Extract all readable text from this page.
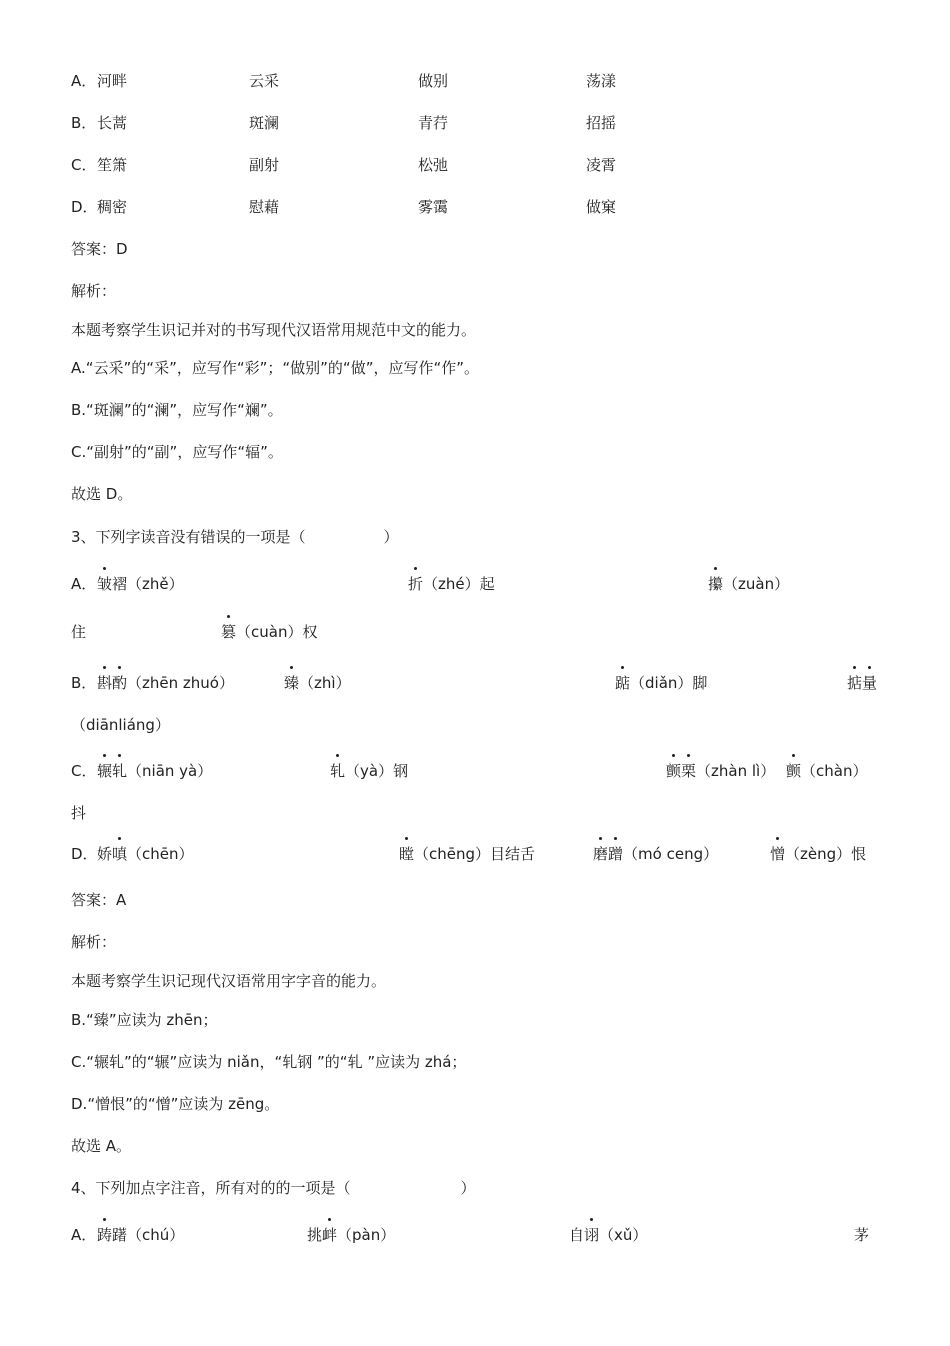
A． 河畔	云采	做别	荡漾
B． 长蒿	斑澜	青荇	招摇
C． 笙箫	副射	松弛	凌霄
D． 稠密	慰藉	雾霭	做窠
答案：D
解析：
本题考察学生识记并对的书写现代汉语常用规范中文的能力。
A.“云采”的“采”，应写作“彩”；“做别”的“做”，应写作“作”。
B.“斑澜”的“澜”，应写作“斓”。
C.“副射”的“副”，应写作“辐”。
故选 D。
3、下列字读音没有错误的一项是（	）
A． 皱褶（zhě）	折（zhé）起	攥（zuàn）
住	篡（cuàn）权
B． 斟酌（zhēn zhuó）	臻（zhì）	踮（diǎn）脚	掂量
（diānliáng）
C． 辗轧（niān yà）	轧（yà）钢	颤栗（zhàn lì） 颤（chàn）
抖
D． 娇嗔（chēn）	瞠（chēng）目结舌	磨蹭（mó ceng）	憎（zèng）恨
答案：A
解析：
本题考察学生识记现代汉语常用字字音的能力。
B.“臻”应读为 zhēn；
C.“辗轧”的“辗”应读为 niǎn，“轧钢 ”的“轧 ”应读为 zhá；
D.“憎恨”的“憎”应读为 zēng。
故选 A。
4、下列加点字注音，所有对的的一项是（	）
A． 踌躇（chú）	挑衅（pàn）	自诩（xǔ）	茅
